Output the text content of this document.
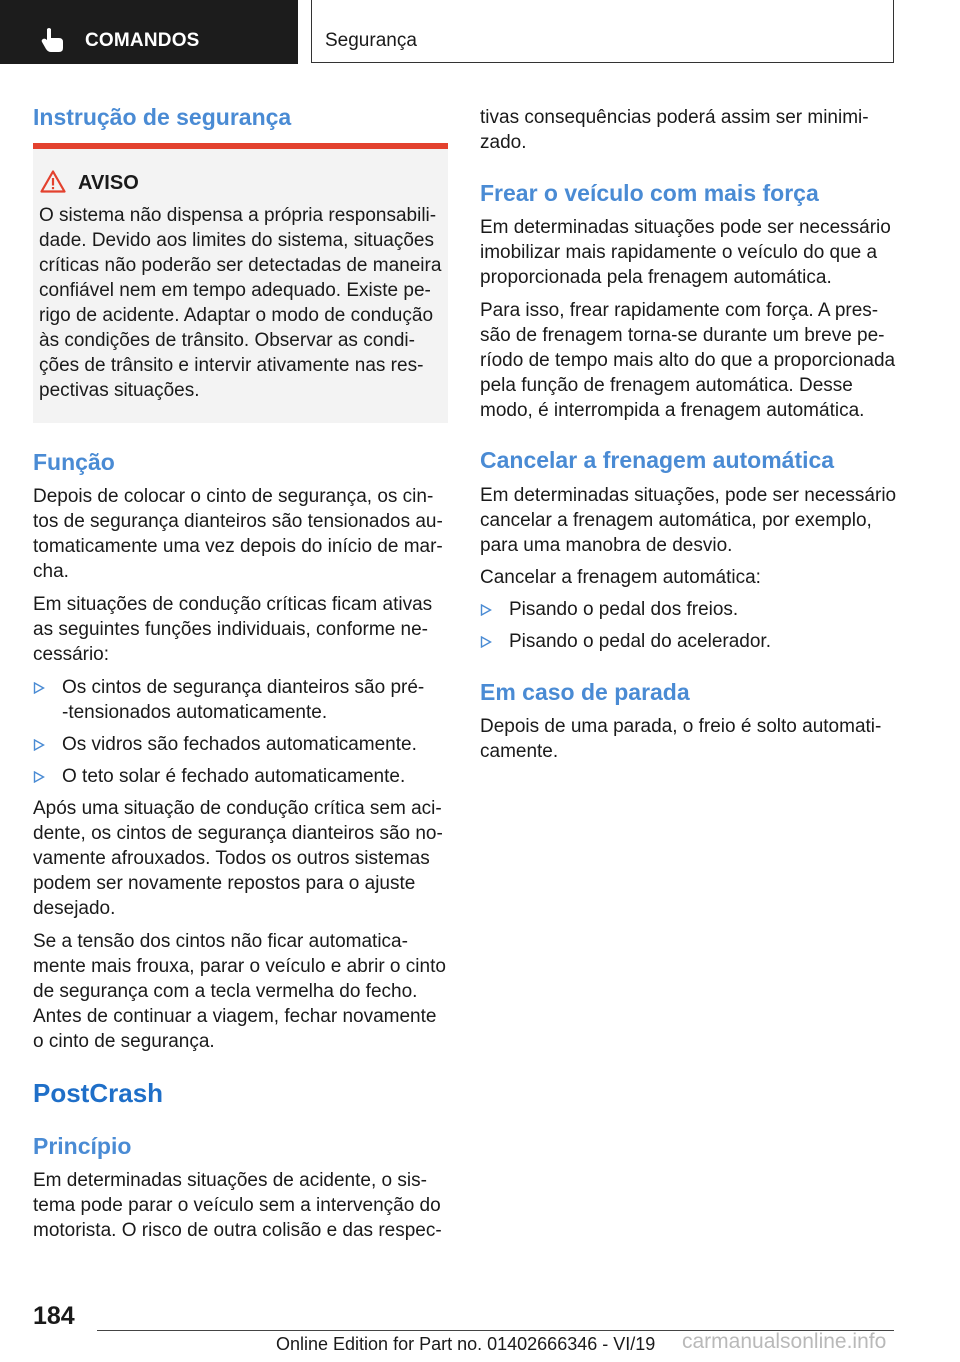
COMANDOS	Segurança
Instrução de segurança
AVISO
O sistema não dispensa a própria responsabili-
dade. Devido aos limites do sistema, situações
críticas não poderão ser detectadas de maneira
confiável nem em tempo adequado. Existe pe-
rigo de acidente. Adaptar o modo de condução
às condições de trânsito. Observar as condi-
ções de trânsito e intervir ativamente nas res-
pectivas situações.
Função
Depois de colocar o cinto de segurança, os cin-
tos de segurança dianteiros são tensionados au-
tomaticamente uma vez depois do início de mar-
cha.
Em situações de condução críticas ficam ativas
as seguintes funções individuais, conforme ne-
cessário:
Os cintos de segurança dianteiros são pré-
-tensionados automaticamente.
Os vidros são fechados automaticamente.
O teto solar é fechado automaticamente.
Após uma situação de condução crítica sem aci-
dente, os cintos de segurança dianteiros são no-
vamente afrouxados. Todos os outros sistemas
podem ser novamente repostos para o ajuste
desejado.
Se a tensão dos cintos não ficar automatica-
mente mais frouxa, parar o veículo e abrir o cinto
de segurança com a tecla vermelha do fecho.
Antes de continuar a viagem, fechar novamente
o cinto de segurança.
PostCrash
Princípio
Em determinadas situações de acidente, o sis-
tema pode parar o veículo sem a intervenção do
motorista. O risco de outra colisão e das respec-
tivas consequências poderá assim ser minimi-
zado.
Frear o veículo com mais força
Em determinadas situações pode ser necessário
imobilizar mais rapidamente o veículo do que a
proporcionada pela frenagem automática.
Para isso, frear rapidamente com força. A pres-
são de frenagem torna-se durante um breve pe-
ríodo de tempo mais alto do que a proporcionada
pela função de frenagem automática. Desse
modo, é interrompida a frenagem automática.
Cancelar a frenagem automática
Em determinadas situações, pode ser necessário
cancelar a frenagem automática, por exemplo,
para uma manobra de desvio.
Cancelar a frenagem automática:
Pisando o pedal dos freios.
Pisando o pedal do acelerador.
Em caso de parada
Depois de uma parada, o freio é solto automati-
camente.
184
Online Edition for Part no. 01402666346 - VI/19 carmanualsonline.info
